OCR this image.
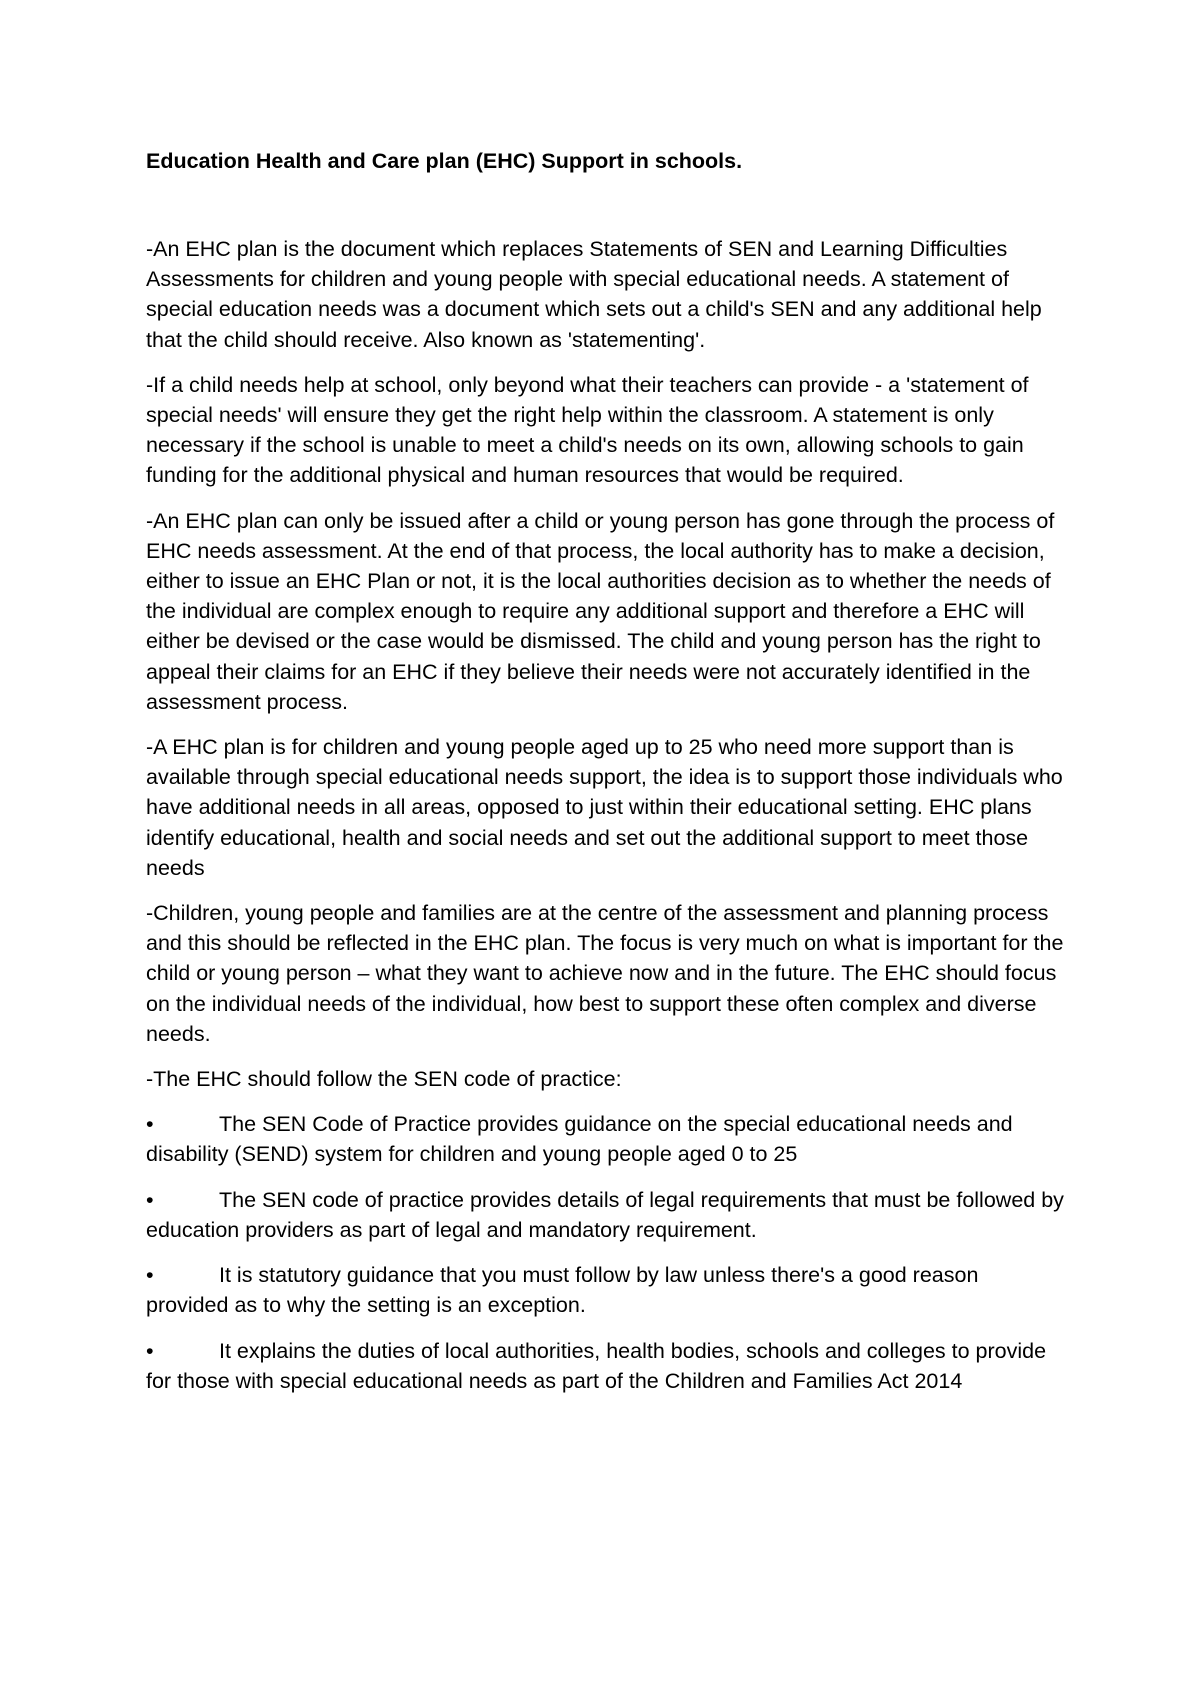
Education Health and Care plan (EHC) Support in schools.

-An EHC plan is the document which replaces Statements of SEN and Learning Difficulties Assessments for children and young people with special educational needs. A statement of special education needs was a document which sets out a child's SEN and any additional help that the child should receive. Also known as 'statementing'.

-If a child needs help at school, only beyond what their teachers can provide - a 'statement of special needs' will ensure they get the right help within the classroom. A statement is only necessary if the school is unable to meet a child's needs on its own, allowing schools to gain funding for the additional physical and human resources that would be required.

-An EHC plan can only be issued after a child or young person has gone through the process of EHC needs assessment. At the end of that process, the local authority has to make a decision, either to issue an EHC Plan or not, it is the local authorities decision as to whether the needs of the individual are complex enough to require any additional support and therefore a EHC will either be devised or the case would be dismissed. The child and young person has the right to appeal their claims for an EHC if they believe their needs were not accurately identified in the assessment process.

-A EHC plan is for children and young people aged up to 25 who need more support than is available through special educational needs support, the idea is to support those individuals who have additional needs in all areas, opposed to just within their educational setting. EHC plans identify educational, health and social needs and set out the additional support to meet those needs

-Children, young people and families are at the centre of the assessment and planning process and this should be reflected in the EHC plan. The focus is very much on what is important for the child or young person – what they want to achieve now and in the future. The EHC should focus on the individual needs of the individual, how best to support these often complex and diverse needs.

-The EHC should follow the SEN code of practice:

•	The SEN Code of Practice provides guidance on the special educational needs and disability (SEND) system for children and young people aged 0 to 25
•	The SEN code of practice provides details of legal requirements that must be followed by education providers as part of legal and mandatory requirement.
•	It is statutory guidance that you must follow by law unless there's a good reason provided as to why the setting is an exception.
•	It explains the duties of local authorities, health bodies, schools and colleges to provide for those with special educational needs as part of the Children and Families Act 2014
